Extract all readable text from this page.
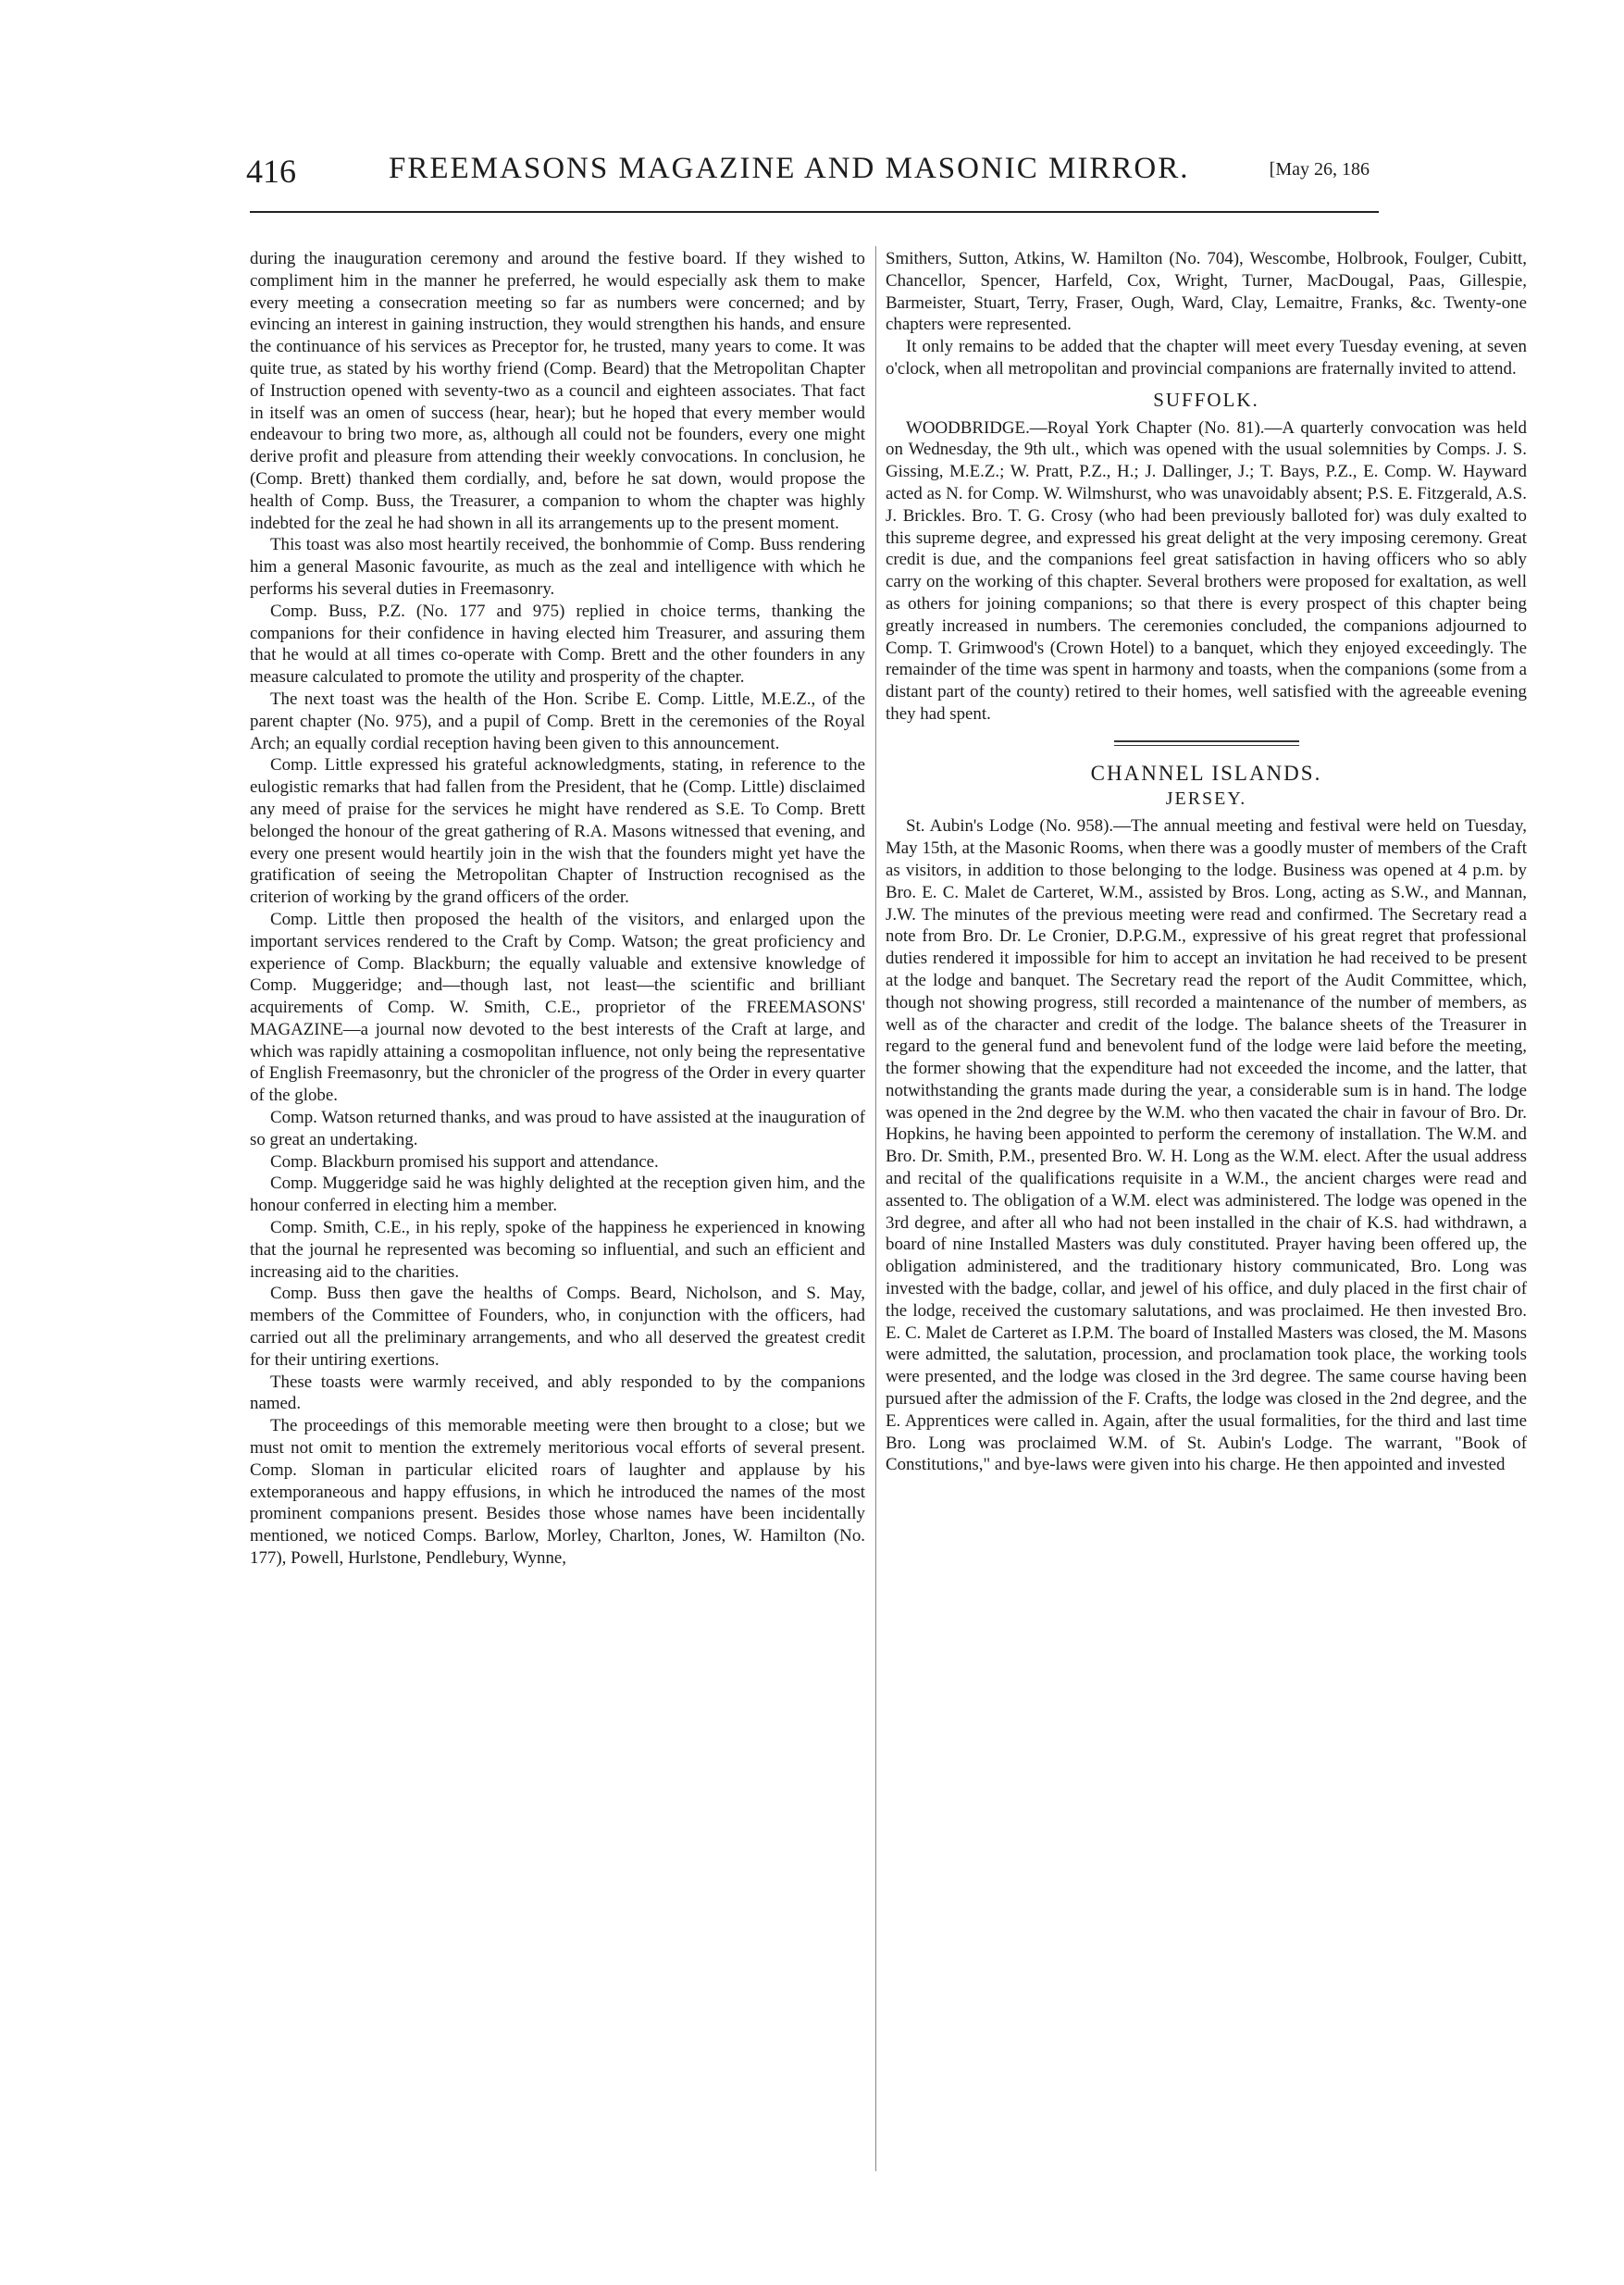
416	FREEMASONS MAGAZINE AND MASONIC MIRROR.	[May 26, 186

during the inauguration ceremony and around the festive board. If they wished to compliment him in the manner he preferred, he would especially ask them to make every meeting a consecration meeting so far as numbers were concerned; and by evincing an interest in gaining instruction, they would strengthen his hands, and ensure the continuance of his services as Preceptor for, he trusted, many years to come. It was quite true, as stated by his worthy friend (Comp. Beard) that the Metropolitan Chapter of Instruction opened with seventy-two as a council and eighteen associates. That fact in itself was an omen of success (hear, hear); but he hoped that every member would endeavour to bring two more, as, although all could not be founders, every one might derive profit and pleasure from attending their weekly convocations. In conclusion, he (Comp. Brett) thanked them cordially, and, before he sat down, would propose the health of Comp. Buss, the Treasurer, a companion to whom the chapter was highly indebted for the zeal he had shown in all its arrangements up to the present moment.

This toast was also most heartily received, the bonhommie of Comp. Buss rendering him a general Masonic favourite, as much as the zeal and intelligence with which he performs his several duties in Freemasonry.

Comp. Buss, P.Z. (No. 177 and 975) replied in choice terms, thanking the companions for their confidence in having elected him Treasurer, and assuring them that he would at all times co-operate with Comp. Brett and the other founders in any measure calculated to promote the utility and prosperity of the chapter.

The next toast was the health of the Hon. Scribe E. Comp. Little, M.E.Z., of the parent chapter (No. 975), and a pupil of Comp. Brett in the ceremonies of the Royal Arch; an equally cordial reception having been given to this announcement.

Comp. Little expressed his grateful acknowledgments, stating, in reference to the eulogistic remarks that had fallen from the President, that he (Comp. Little) disclaimed any meed of praise for the services he might have rendered as S.E. To Comp. Brett belonged the honour of the great gathering of R.A. Masons witnessed that evening, and every one present would heartily join in the wish that the founders might yet have the gratification of seeing the Metropolitan Chapter of Instruction recognised as the criterion of working by the grand officers of the order.

Comp. Little then proposed the health of the visitors, and enlarged upon the important services rendered to the Craft by Comp. Watson; the great proficiency and experience of Comp. Blackburn; the equally valuable and extensive knowledge of Comp. Muggeridge; and—though last, not least—the scientific and brilliant acquirements of Comp. W. Smith, C.E., proprietor of the FREEMASONS' MAGAZINE—a journal now devoted to the best interests of the Craft at large, and which was rapidly attaining a cosmopolitan influence, not only being the representative of English Freemasonry, but the chronicler of the progress of the Order in every quarter of the globe.

Comp. Watson returned thanks, and was proud to have assisted at the inauguration of so great an undertaking.

Comp. Blackburn promised his support and attendance.

Comp. Muggeridge said he was highly delighted at the reception given him, and the honour conferred in electing him a member.

Comp. Smith, C.E., in his reply, spoke of the happiness he experienced in knowing that the journal he represented was becoming so influential, and such an efficient and increasing aid to the charities.

Comp. Buss then gave the healths of Comps. Beard, Nicholson, and S. May, members of the Committee of Founders, who, in conjunction with the officers, had carried out all the preliminary arrangements, and who all deserved the greatest credit for their untiring exertions.

These toasts were warmly received, and ably responded to by the companions named.

The proceedings of this memorable meeting were then brought to a close; but we must not omit to mention the extremely meritorious vocal efforts of several present. Comp. Sloman in particular elicited roars of laughter and applause by his extemporaneous and happy effusions, in which he introduced the names of the most prominent companions present. Besides those whose names have been incidentally mentioned, we noticed Comps. Barlow, Morley, Charlton, Jones, W. Hamilton (No. 177), Powell, Hurlstone, Pendlebury, Wynne,

Smithers, Sutton, Atkins, W. Hamilton (No. 704), Wescombe, Holbrook, Foulger, Cubitt, Chancellor, Spencer, Harfeld, Cox, Wright, Turner, MacDougal, Paas, Gillespie, Barmeister, Stuart, Terry, Fraser, Ough, Ward, Clay, Lemaitre, Franks, &c. Twenty-one chapters were represented.

It only remains to be added that the chapter will meet every Tuesday evening, at seven o'clock, when all metropolitan and provincial companions are fraternally invited to attend.

SUFFOLK.

WOODBRIDGE.—Royal York Chapter (No. 81).—A quarterly convocation was held on Wednesday, the 9th ult., which was opened with the usual solemnities by Comps. J. S. Gissing, M.E.Z.; W. Pratt, P.Z., H.; J. Dallinger, J.; T. Bays, P.Z., E. Comp. W. Hayward acted as N. for Comp. W. Wilmshurst, who was unavoidably absent; P.S. E. Fitzgerald, A.S. J. Brickles. Bro. T. G. Crosy (who had been previously balloted for) was duly exalted to this supreme degree, and expressed his great delight at the very imposing ceremony. Great credit is due, and the companions feel great satisfaction in having officers who so ably carry on the working of this chapter. Several brothers were proposed for exaltation, as well as others for joining companions; so that there is every prospect of this chapter being greatly increased in numbers. The ceremonies concluded, the companions adjourned to Comp. T. Grimwood's (Crown Hotel) to a banquet, which they enjoyed exceedingly. The remainder of the time was spent in harmony and toasts, when the companions (some from a distant part of the county) retired to their homes, well satisfied with the agreeable evening they had spent.

CHANNEL ISLANDS.

JERSEY.

St. Aubin's Lodge (No. 958).—The annual meeting and festival were held on Tuesday, May 15th, at the Masonic Rooms, when there was a goodly muster of members of the Craft as visitors, in addition to those belonging to the lodge. Business was opened at 4 p.m. by Bro. E. C. Malet de Carteret, W.M., assisted by Bros. Long, acting as S.W., and Mannan, J.W. The minutes of the previous meeting were read and confirmed. The Secretary read a note from Bro. Dr. Le Cronier, D.P.G.M., expressive of his great regret that professional duties rendered it impossible for him to accept an invitation he had received to be present at the lodge and banquet. The Secretary read the report of the Audit Committee, which, though not showing progress, still recorded a maintenance of the number of members, as well as of the character and credit of the lodge. The balance sheets of the Treasurer in regard to the general fund and benevolent fund of the lodge were laid before the meeting, the former showing that the expenditure had not exceeded the income, and the latter, that notwithstanding the grants made during the year, a considerable sum is in hand. The lodge was opened in the 2nd degree by the W.M. who then vacated the chair in favour of Bro. Dr. Hopkins, he having been appointed to perform the ceremony of installation. The W.M. and Bro. Dr. Smith, P.M., presented Bro. W. H. Long as the W.M. elect. After the usual address and recital of the qualifications requisite in a W.M., the ancient charges were read and assented to. The obligation of a W.M. elect was administered. The lodge was opened in the 3rd degree, and after all who had not been installed in the chair of K.S. had withdrawn, a board of nine Installed Masters was duly constituted. Prayer having been offered up, the obligation administered, and the traditionary history communicated, Bro. Long was invested with the badge, collar, and jewel of his office, and duly placed in the first chair of the lodge, received the customary salutations, and was proclaimed. He then invested Bro. E. C. Malet de Carteret as I.P.M. The board of Installed Masters was closed, the M. Masons were admitted, the salutation, procession, and proclamation took place, the working tools were presented, and the lodge was closed in the 3rd degree. The same course having been pursued after the admission of the F. Crafts, the lodge was closed in the 2nd degree, and the E. Apprentices were called in. Again, after the usual formalities, for the third and last time Bro. Long was proclaimed W.M. of St. Aubin's Lodge. The warrant, "Book of Constitutions," and bye-laws were given into his charge. He then appointed and invested
